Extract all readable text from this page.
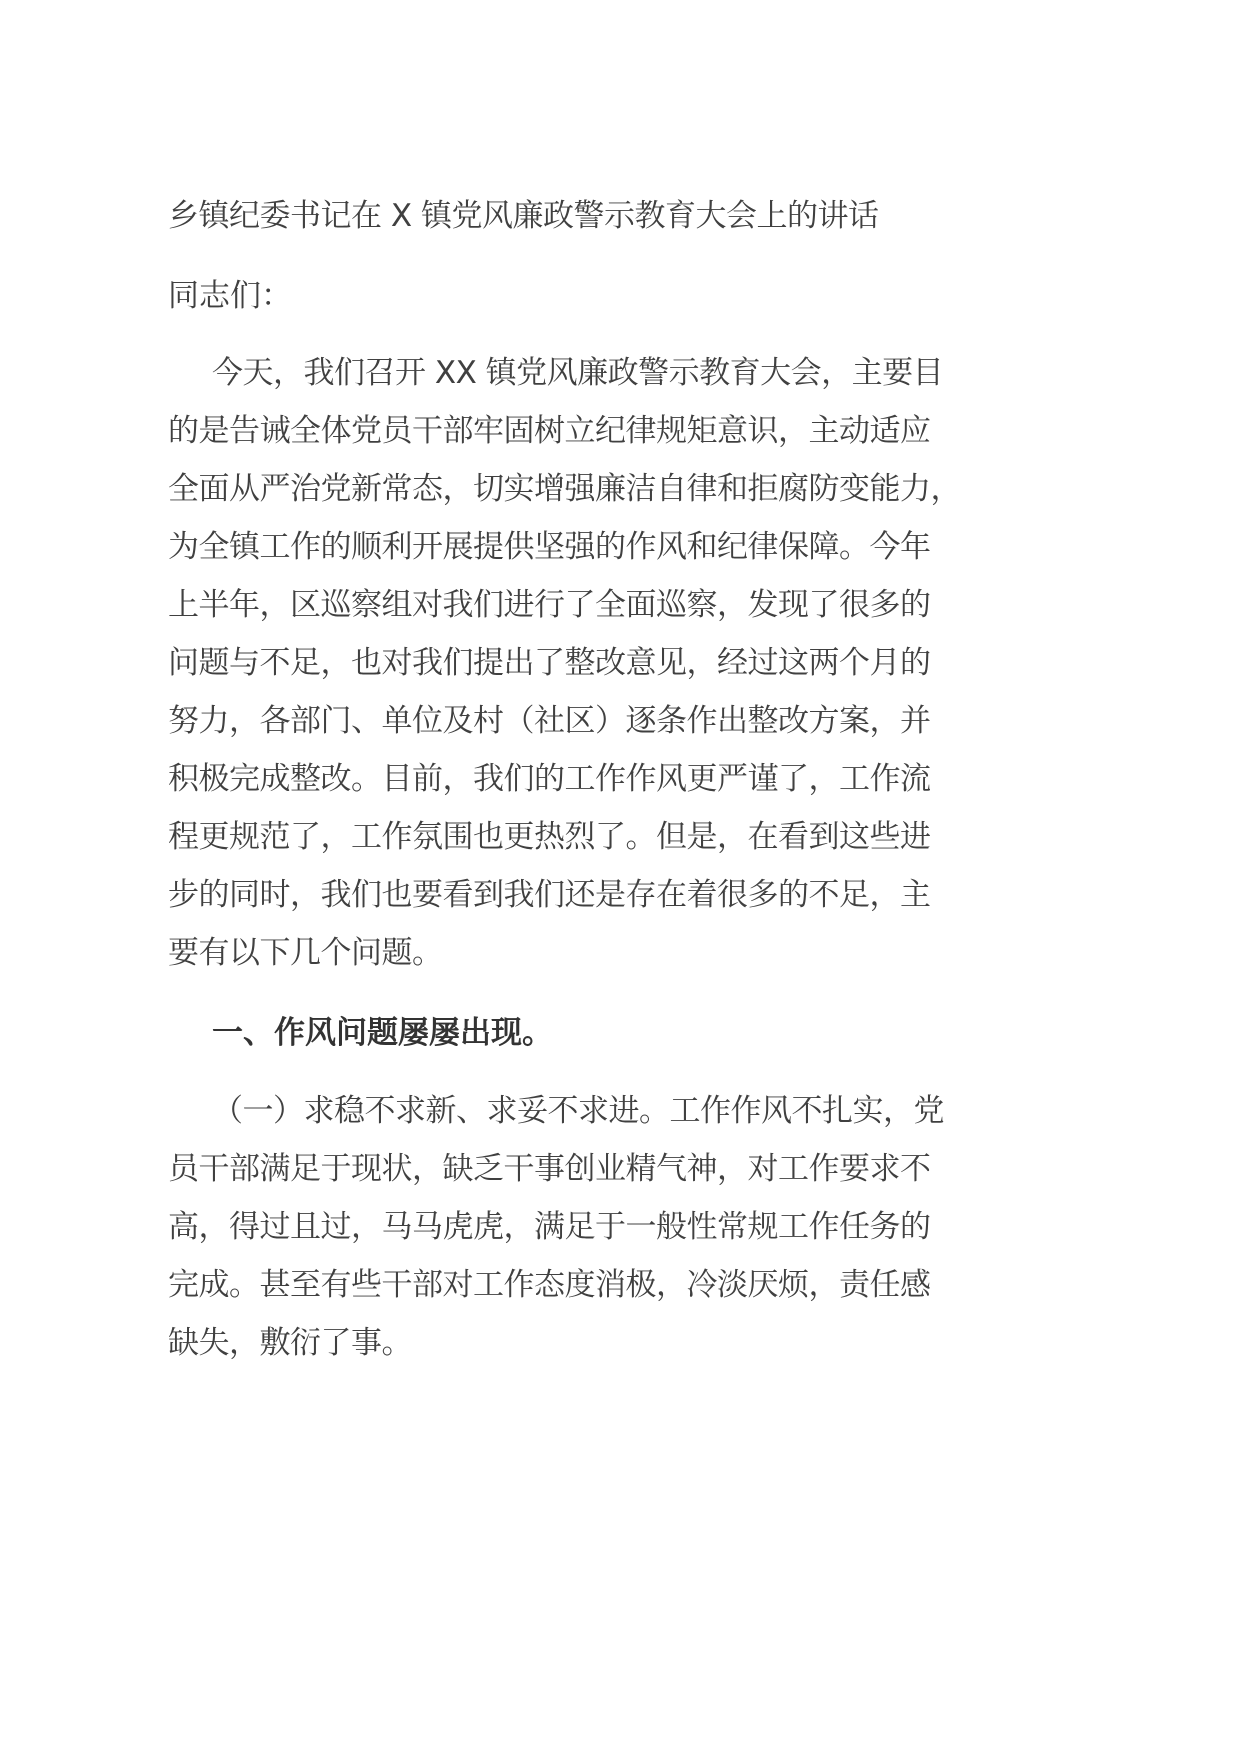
乡镇纪委书记在 X 镇党风廉政警示教育大会上的讲话
同志们：
今天，我们召开 XX 镇党风廉政警示教育大会，主要目
的是告诫全体党员干部牢固树立纪律规矩意识，主动适应
全面从严治党新常态，切实增强廉洁自律和拒腐防变能力，
为全镇工作的顺利开展提供坚强的作风和纪律保障。今年
上半年，区巡察组对我们进行了全面巡察，发现了很多的
问题与不足，也对我们提出了整改意见，经过这两个月的
努力，各部门、单位及村（社区）逐条作出整改方案，并
积极完成整改。目前，我们的工作作风更严谨了，工作流
程更规范了，工作氛围也更热烈了。但是，在看到这些进
步的同时，我们也要看到我们还是存在着很多的不足，主
要有以下几个问题。
一、作风问题屡屡出现。
（一）求稳不求新、求妥不求进。工作作风不扎实，党
员干部满足于现状，缺乏干事创业精气神，对工作要求不
高，得过且过，马马虎虎，满足于一般性常规工作任务的
完成。甚至有些干部对工作态度消极，冷淡厌烦，责任感
缺失，敷衍了事。
